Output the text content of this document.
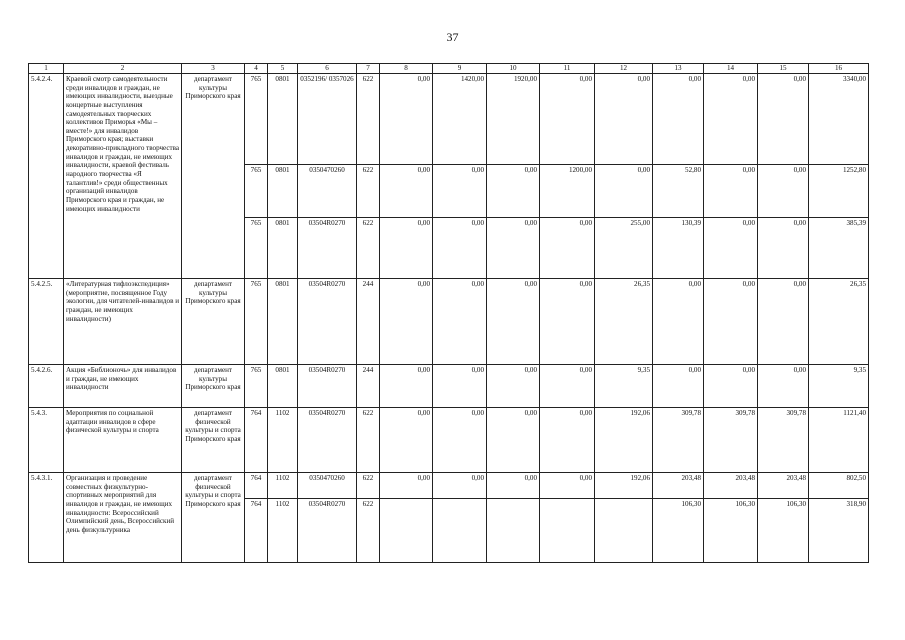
37
1	2	3	4	5	6	7	8	9	10	11	12	13	14	15	16
5.4.2.4.	Краевой смотр самодеятельности среди инвалидов и граждан, не имеющих инвалидности, выездные концертные выступления самодеятельных творческих коллективов Приморья «Мы – вместе!» для инвалидов Приморского края; выставки декоративно-прикладного творчества инвалидов и граждан, не имеющих инвалидности, краевой фестиваль народного творчества «Я талантлив!» среди общественных организаций инвалидов Приморского края и граждан, не имеющих инвалидности	департамент культуры Приморского края	765	0801	0352196/ 0357026	622	0,00	1420,00	1920,00	0,00	0,00	0,00	0,00	0,00	3340,00
			765	0801	0350470260	622	0,00	0,00	0,00	1200,00	0,00	52,80	0,00	0,00	1252,80
			765	0801	03504R0270	622	0,00	0,00	0,00	0,00	255,00	130,39	0,00	0,00	385,39
5.4.2.5.	«Литературная тифлоэкспедиция» (мероприятие, посвященное Году экологии, для читателей-инвалидов и граждан, не имеющих инвалидности)	департамент культуры Приморского края	765	0801	03504R0270	244	0,00	0,00	0,00	0,00	26,35	0,00	0,00	0,00	26,35
5.4.2.6.	Акция «Библионочь» для инвалидов и граждан, не имеющих инвалидности	департамент культуры Приморского края	765	0801	03504R0270	244	0,00	0,00	0,00	0,00	9,35	0,00	0,00	0,00	9,35
5.4.3.	Мероприятия по социальной адаптации инвалидов в сфере физической культуры и спорта	департамент физической культуры и спорта Приморского края	764	1102	03504R0270	622	0,00	0,00	0,00	0,00	192,06	309,78	309,78	309,78	1121,40
5.4.3.1.	Организация и проведение совместных физкультурно-спортивных мероприятий для инвалидов и граждан, не имеющих инвалидности: Всероссийский Олимпийский день, Всероссийский день физкультурника	департамент физической культуры и спорта Приморского края	764	1102	0350470260	622	0,00	0,00	0,00	0,00	192,06	203,48	203,48	203,48	802,50
			764	1102	03504R0270	622						106,30	106,30	106,30	318,90
